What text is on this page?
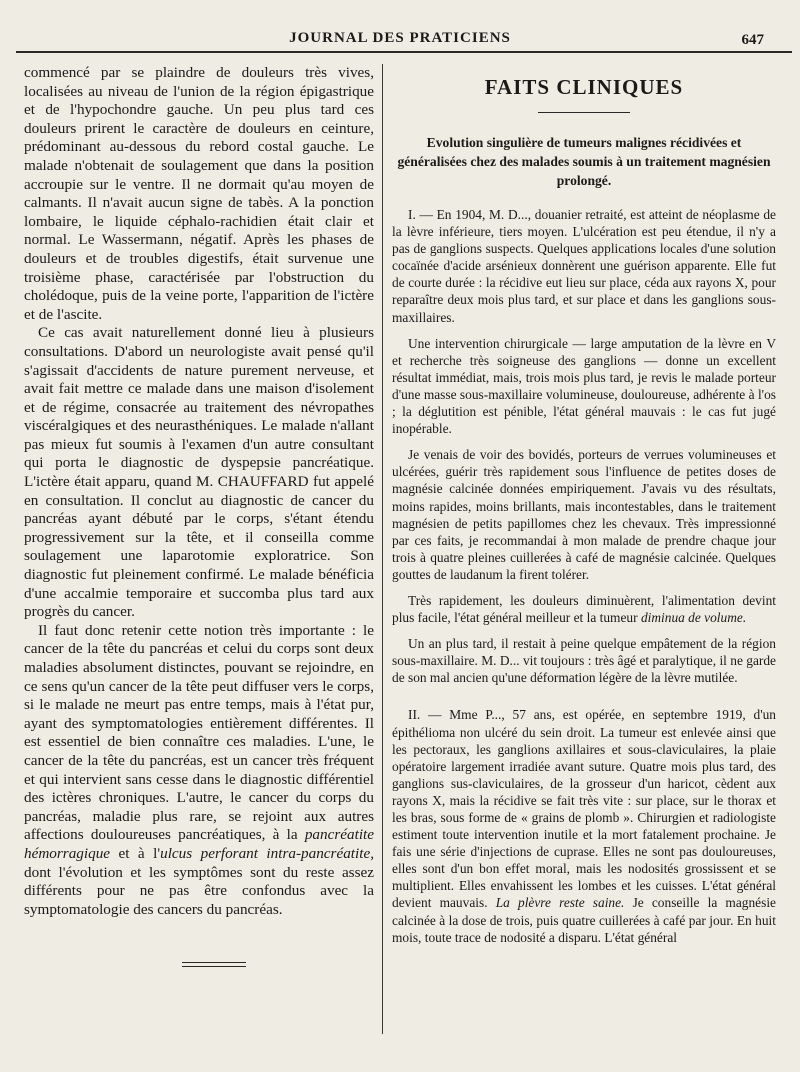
JOURNAL DES PRATICIENS	647

commencé par se plaindre de douleurs très vives, localisées au niveau de l'union de la région épigastrique et de l'hypochondre gauche. Un peu plus tard ces douleurs prirent le caractère de douleurs en ceinture, prédominant au-dessous du rebord costal gauche. Le malade n'obtenait de soulagement que dans la position accroupie sur le ventre. Il ne dormait qu'au moyen de calmants. Il n'avait aucun signe de tabès. A la ponction lombaire, le liquide céphalo-rachidien était clair et normal. Le Wassermann, négatif. Après les phases de douleurs et de troubles digestifs, était survenue une troisième phase, caractérisée par l'obstruction du cholédoque, puis de la veine porte, l'apparition de l'ictère et de l'ascite.

Ce cas avait naturellement donné lieu à plusieurs consultations. D'abord un neurologiste avait pensé qu'il s'agissait d'accidents de nature purement nerveuse, et avait fait mettre ce malade dans une maison d'isolement et de régime, consacrée au traitement des névropathes viscéralgiques et des neurasthéniques. Le malade n'allant pas mieux fut soumis à l'examen d'un autre consultant qui porta le diagnostic de dyspepsie pancréatique. L'ictère était apparu, quand M. CHAUFFARD fut appelé en consultation. Il conclut au diagnostic de cancer du pancréas ayant débuté par le corps, s'étant étendu progressivement sur la tête, et il conseilla comme soulagement une laparotomie exploratrice. Son diagnostic fut pleinement confirmé. Le malade bénéficia d'une accalmie temporaire et succomba plus tard aux progrès du cancer.

Il faut donc retenir cette notion très importante : le cancer de la tête du pancréas et celui du corps sont deux maladies absolument distinctes, pouvant se rejoindre, en ce sens qu'un cancer de la tête peut diffuser vers le corps, si le malade ne meurt pas entre temps, mais à l'état pur, ayant des symptomatologies entièrement différentes. Il est essentiel de bien connaître ces maladies. L'une, le cancer de la tête du pancréas, est un cancer très fréquent et qui intervient sans cesse dans le diagnostic différentiel des ictères chroniques. L'autre, le cancer du corps du pancréas, maladie plus rare, se rejoint aux autres affections douloureuses pancréatiques, à la pancréatite hémorragique et à l'ulcus perforant intra-pancréatite, dont l'évolution et les symptômes sont du reste assez différents pour ne pas être confondus avec la symptomatologie des cancers du pancréas.

FAITS CLINIQUES
Evolution singulière de tumeurs malignes récidivées et généralisées chez des malades soumis à un traitement magnésien prolongé.

I. — En 1904, M. D..., douanier retraité, est atteint de néoplasme de la lèvre inférieure, tiers moyen. L'ulcération est peu étendue, il n'y a pas de ganglions suspects. Quelques applications locales d'une solution cocaïnée d'acide arsénieux donnèrent une guérison apparente. Elle fut de courte durée : la récidive eut lieu sur place, céda aux rayons X, pour reparaître deux mois plus tard, et sur place et dans les ganglions sous-maxillaires.

Une intervention chirurgicale — large amputation de la lèvre en V et recherche très soigneuse des ganglions — donne un excellent résultat immédiat, mais, trois mois plus tard, je revis le malade porteur d'une masse sous-maxillaire volumineuse, douloureuse, adhérente à l'os ; la déglutition est pénible, l'état général mauvais : le cas fut jugé inopérable.

Je venais de voir des bovidés, porteurs de verrues volumineuses et ulcérées, guérir très rapidement sous l'influence de petites doses de magnésie calcinée données empiriquement. J'avais vu des résultats, moins rapides, moins brillants, mais incontestables, dans le traitement magnésien de petits papillomes chez les chevaux. Très impressionné par ces faits, je recommandai à mon malade de prendre chaque jour trois à quatre pleines cuillerées à café de magnésie calcinée. Quelques gouttes de laudanum la firent tolérer.

Très rapidement, les douleurs diminuèrent, l'alimentation devint plus facile, l'état général meilleur et la tumeur diminua de volume.

Un an plus tard, il restait à peine quelque empâtement de la région sous-maxillaire. M. D... vit toujours : très âgé et paralytique, il ne garde de son mal ancien qu'une déformation légère de la lèvre mutilée.

II. — Mme P..., 57 ans, est opérée, en septembre 1919, d'un épithélioma non ulcéré du sein droit. La tumeur est enlevée ainsi que les pectoraux, les ganglions axillaires et sous-claviculaires, la plaie opératoire largement irradiée avant suture. Quatre mois plus tard, des ganglions sus-claviculaires, de la grosseur d'un haricot, cèdent aux rayons X, mais la récidive se fait très vite : sur place, sur le thorax et les bras, sous forme de « grains de plomb ». Chirurgien et radiologiste estiment toute intervention inutile et la mort fatalement prochaine. Je fais une série d'injections de cuprase. Elles ne sont pas douloureuses, elles sont d'un bon effet moral, mais les nodosités grossissent et se multiplient. Elles envahissent les lombes et les cuisses. L'état général devient mauvais. La plèvre reste saine. Je conseille la magnésie calcinée à la dose de trois, puis quatre cuillerées à café par jour. En huit mois, toute trace de nodosité a disparu. L'état général
